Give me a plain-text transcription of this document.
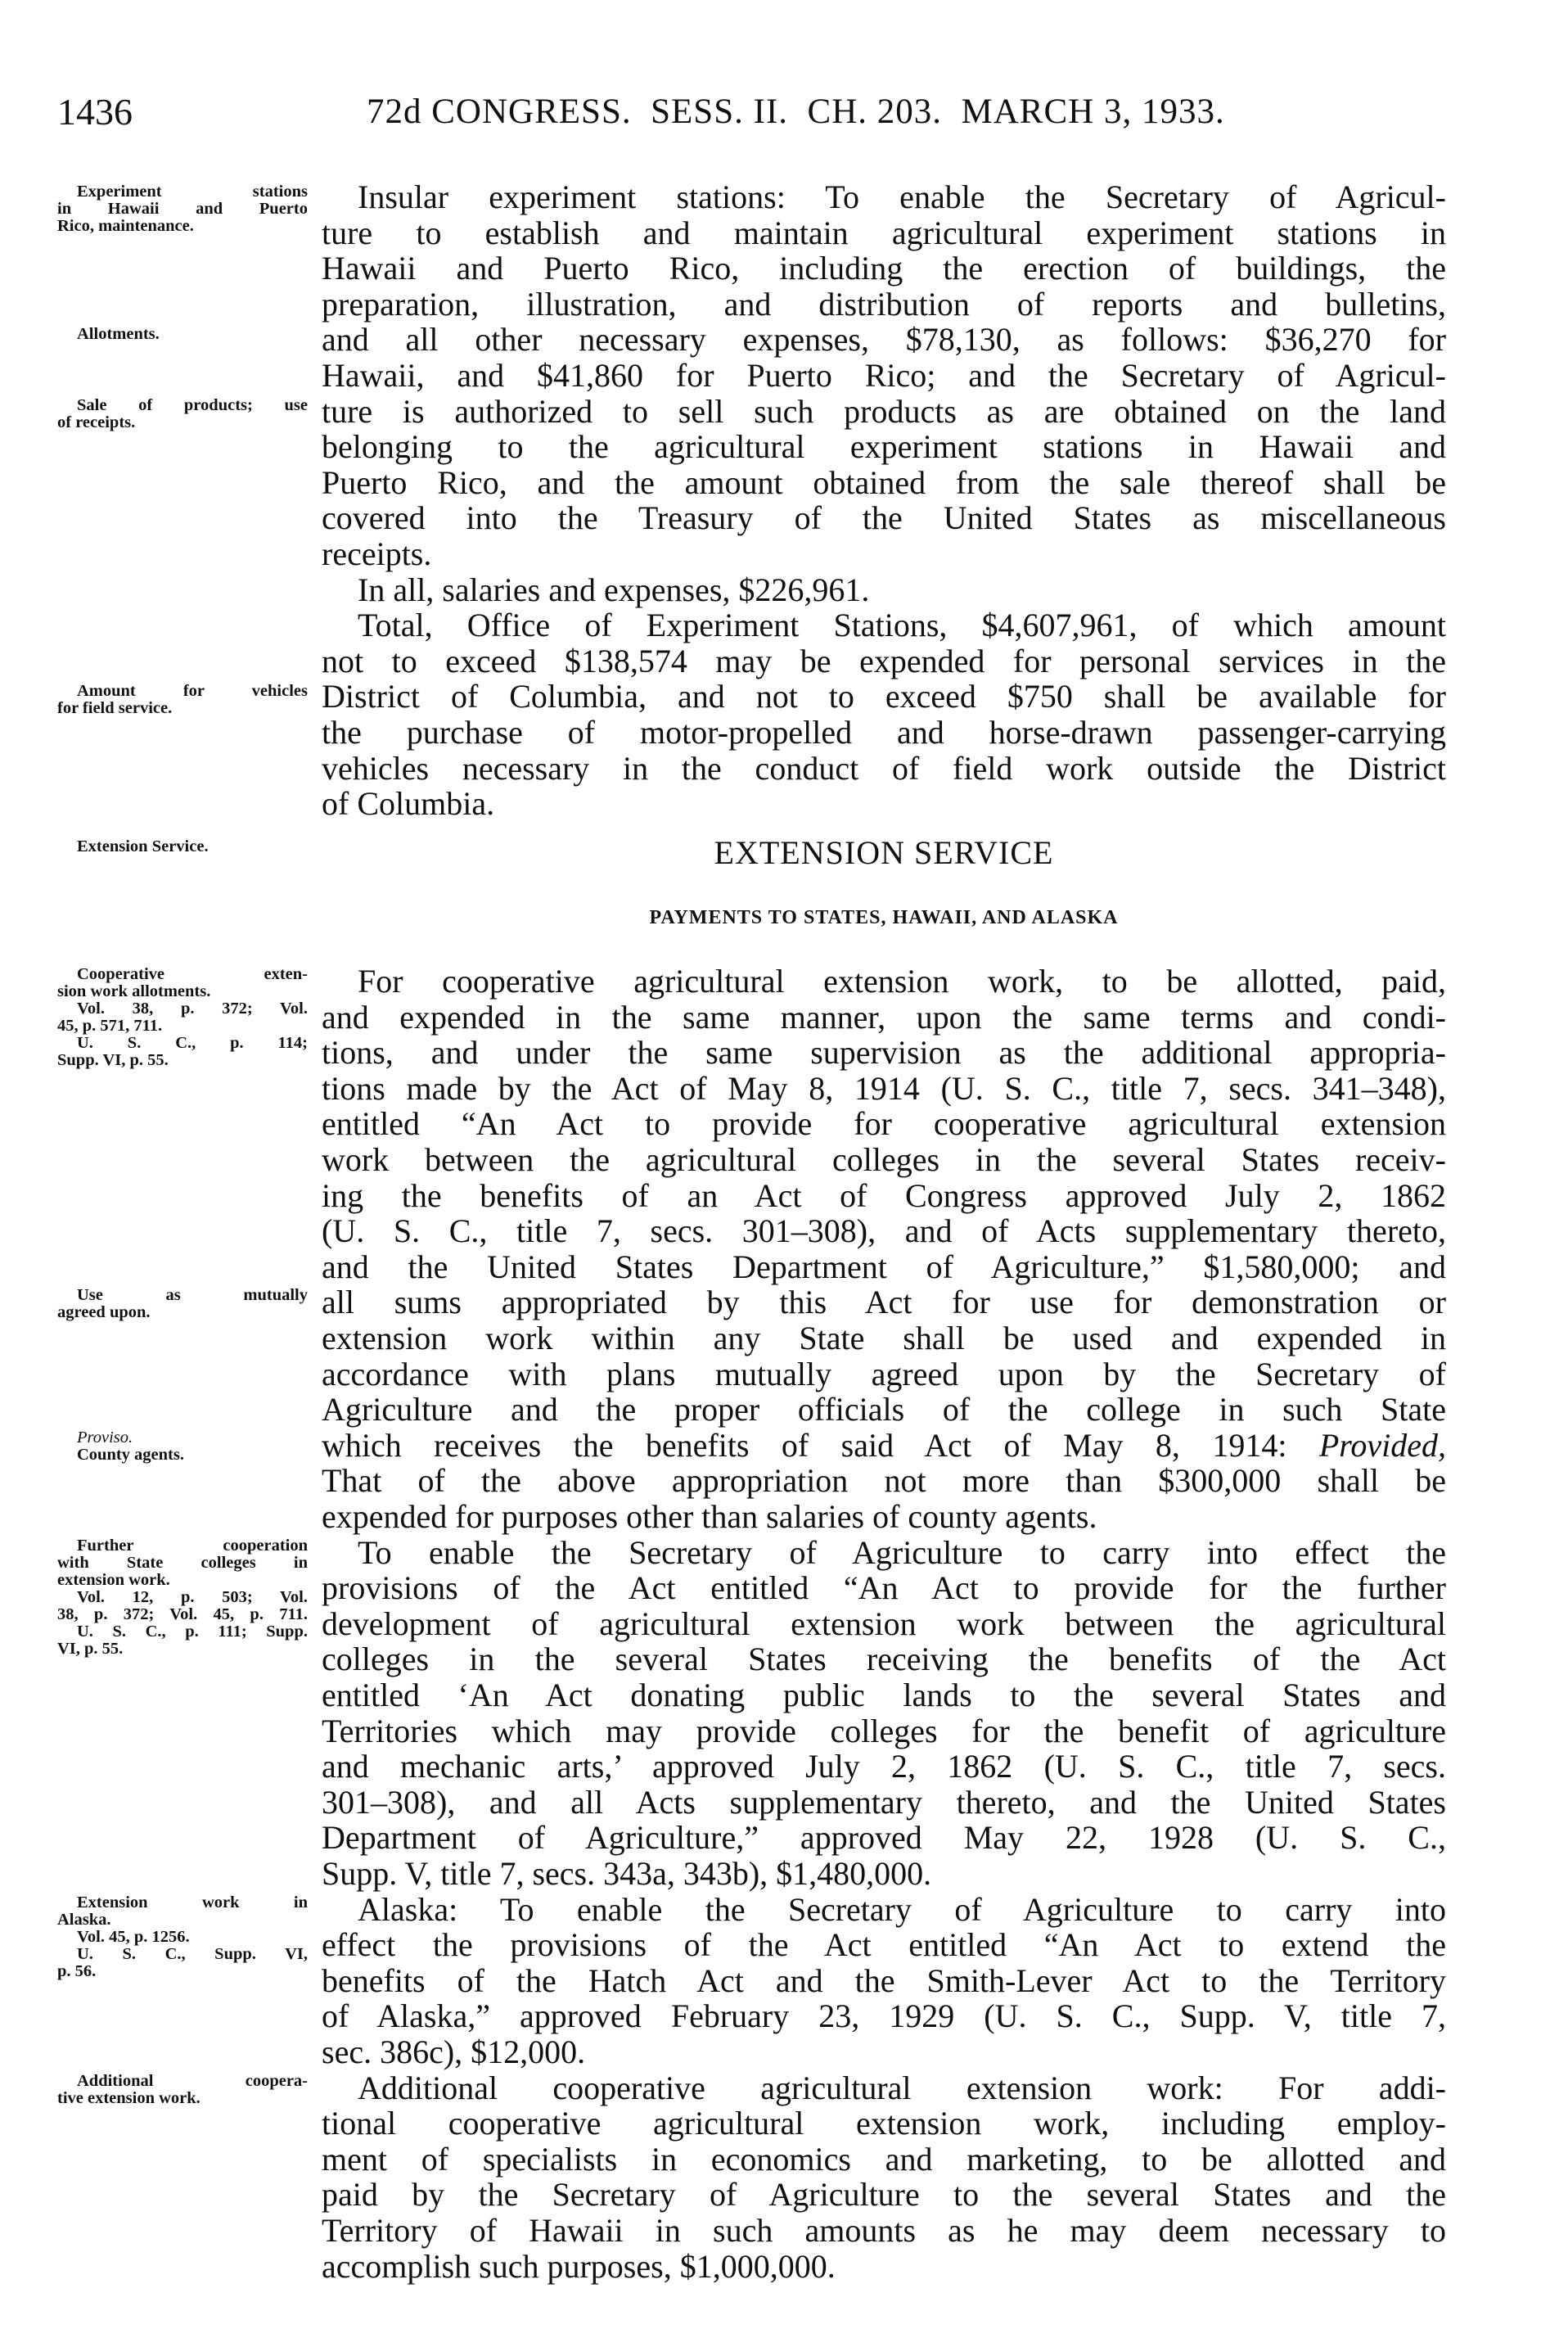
1436	72d CONGRESS.  SESS. II.  CH. 203.  MARCH 3, 1933.
Experiment stations
in Hawaii and Puerto
Rico, maintenance.
Allotments.
Sale of products; use
of receipts.
Amount for vehicles
for field service.
Extension Service.
Cooperative exten-
sion work allotments.
Vol. 38, p. 372; Vol.
45, p. 571, 711.
U. S. C., p. 114;
Supp. VI, p. 55.
Use as mutually
agreed upon.
Proviso.
County agents.
Further cooperation
with State colleges in
extension work.
Vol. 12, p. 503; Vol.
38, p. 372; Vol. 45, p. 711.
U. S. C., p. 111; Supp.
VI, p. 55.
Extension work in
Alaska.
Vol. 45, p. 1256.
U. S. C., Supp. VI,
p. 56.
Additional coopera-
tive extension work.
Insular experiment stations: To enable the Secretary of Agricul-
ture to establish and maintain agricultural experiment stations in
Hawaii and Puerto Rico, including the erection of buildings, the
preparation, illustration, and distribution of reports and bulletins,
and all other necessary expenses, $78,130, as follows: $36,270 for
Hawaii, and $41,860 for Puerto Rico; and the Secretary of Agricul-
ture is authorized to sell such products as are obtained on the land
belonging to the agricultural experiment stations in Hawaii and
Puerto Rico, and the amount obtained from the sale thereof shall be
covered into the Treasury of the United States as miscellaneous
receipts.
In all, salaries and expenses, $226,961.
Total, Office of Experiment Stations, $4,607,961, of which amount
not to exceed $138,574 may be expended for personal services in the
District of Columbia, and not to exceed $750 shall be available for
the purchase of motor-propelled and horse-drawn passenger-carrying
vehicles necessary in the conduct of field work outside the District
of Columbia.
EXTENSION SERVICE
PAYMENTS TO STATES, HAWAII, AND ALASKA
For cooperative agricultural extension work, to be allotted, paid,
and expended in the same manner, upon the same terms and condi-
tions, and under the same supervision as the additional appropria-
tions made by the Act of May 8, 1914 (U. S. C., title 7, secs. 341–348),
entitled “An Act to provide for cooperative agricultural extension
work between the agricultural colleges in the several States receiv-
ing the benefits of an Act of Congress approved July 2, 1862
(U. S. C., title 7, secs. 301–308), and of Acts supplementary thereto,
and the United States Department of Agriculture,” $1,580,000; and
all sums appropriated by this Act for use for demonstration or
extension work within any State shall be used and expended in
accordance with plans mutually agreed upon by the Secretary of
Agriculture and the proper officials of the college in such State
which receives the benefits of said Act of May 8, 1914: Provided,
That of the above appropriation not more than $300,000 shall be
expended for purposes other than salaries of county agents.
To enable the Secretary of Agriculture to carry into effect the
provisions of the Act entitled “An Act to provide for the further
development of agricultural extension work between the agricultural
colleges in the several States receiving the benefits of the Act
entitled ‘An Act donating public lands to the several States and
Territories which may provide colleges for the benefit of agriculture
and mechanic arts,’ approved July 2, 1862 (U. S. C., title 7, secs.
301–308), and all Acts supplementary thereto, and the United States
Department of Agriculture,” approved May 22, 1928 (U. S. C.,
Supp. V, title 7, secs. 343a, 343b), $1,480,000.
Alaska: To enable the Secretary of Agriculture to carry into
effect the provisions of the Act entitled “An Act to extend the
benefits of the Hatch Act and the Smith-Lever Act to the Territory
of Alaska,” approved February 23, 1929 (U. S. C., Supp. V, title 7,
sec. 386c), $12,000.
Additional cooperative agricultural extension work: For addi-
tional cooperative agricultural extension work, including employ-
ment of specialists in economics and marketing, to be allotted and
paid by the Secretary of Agriculture to the several States and the
Territory of Hawaii in such amounts as he may deem necessary to
accomplish such purposes, $1,000,000.
